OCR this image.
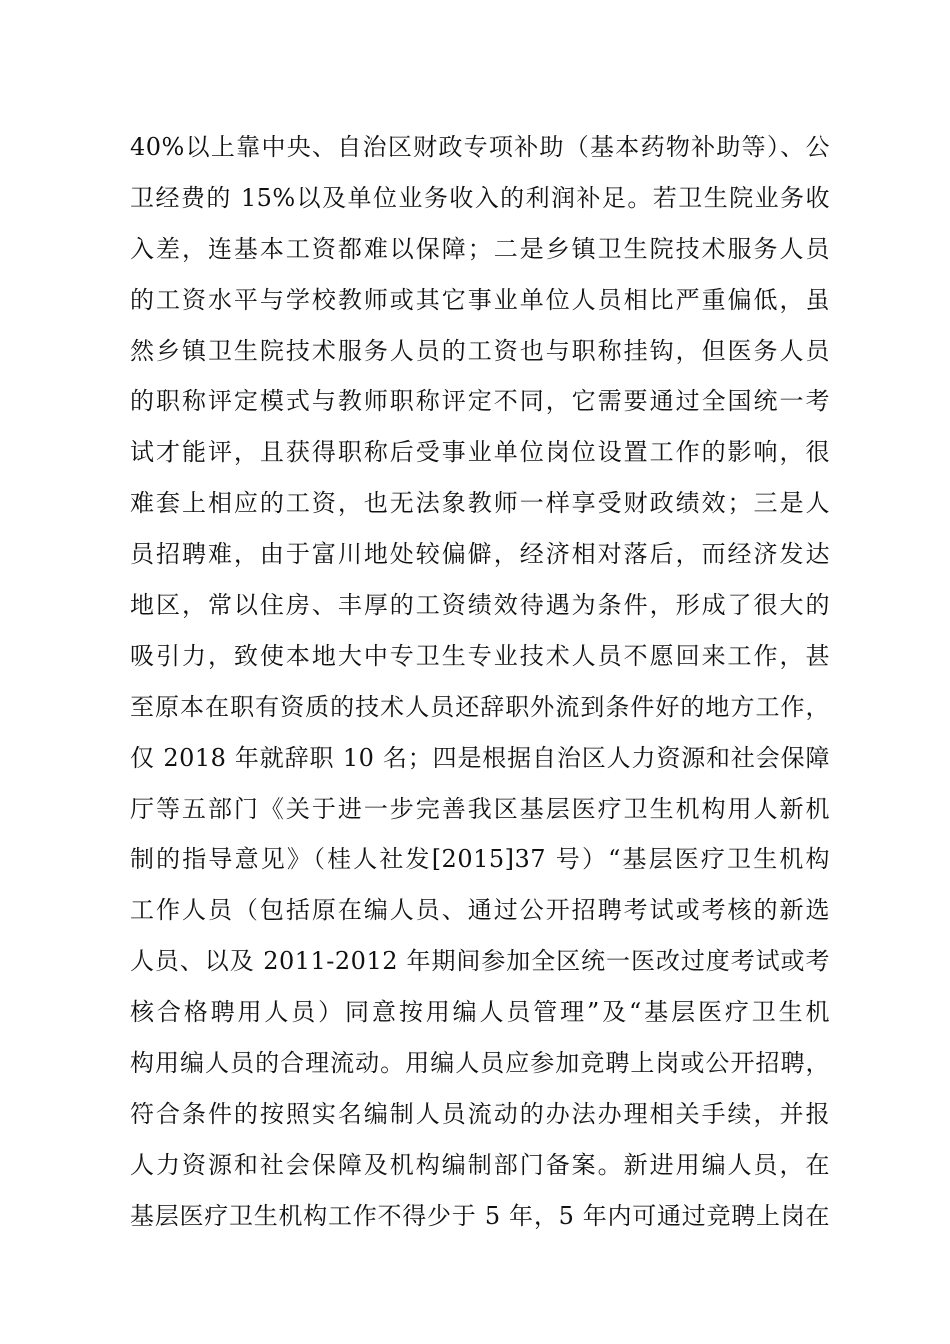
40%以上靠中央、自治区财政专项补助（基本药物补助等）、公
卫经费的 15%以及单位业务收入的利润补足。若卫生院业务收
入差，连基本工资都难以保障；二是乡镇卫生院技术服务人员
的工资水平与学校教师或其它事业单位人员相比严重偏低，虽
然乡镇卫生院技术服务人员的工资也与职称挂钩，但医务人员
的职称评定模式与教师职称评定不同，它需要通过全国统一考
试才能评，且获得职称后受事业单位岗位设置工作的影响，很
难套上相应的工资，也无法象教师一样享受财政绩效；三是人
员招聘难，由于富川地处较偏僻，经济相对落后，而经济发达
地区，常以住房、丰厚的工资绩效待遇为条件，形成了很大的
吸引力，致使本地大中专卫生专业技术人员不愿回来工作，甚
至原本在职有资质的技术人员还辞职外流到条件好的地方工作，
仅 2018 年就辞职 10 名；四是根据自治区人力资源和社会保障
厅等五部门《关于进一步完善我区基层医疗卫生机构用人新机
制的指导意见》（桂人社发[2015]37 号）“基层医疗卫生机构
工作人员（包括原在编人员、通过公开招聘考试或考核的新选
人员、以及 2011-2012 年期间参加全区统一医改过度考试或考
核合格聘用人员）同意按用编人员管理”及“基层医疗卫生机
构用编人员的合理流动。用编人员应参加竞聘上岗或公开招聘，
符合条件的按照实名编制人员流动的办法办理相关手续，并报
人力资源和社会保障及机构编制部门备案。新进用编人员，在
基层医疗卫生机构工作不得少于 5 年，5 年内可通过竞聘上岗在
